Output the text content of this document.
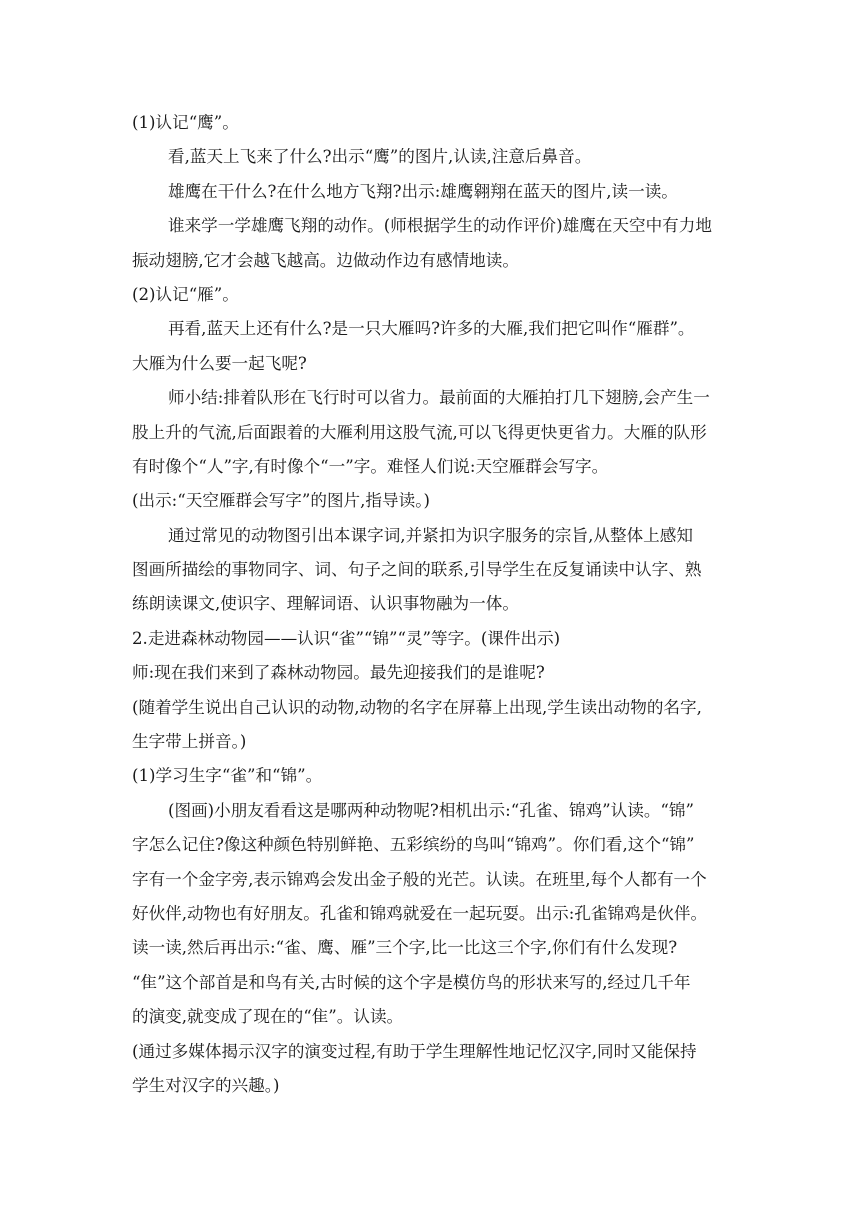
(1)认记“鹰”。

看,蓝天上飞来了什么?出示“鹰”的图片,认读,注意后鼻音。

雄鹰在干什么?在什么地方飞翔?出示:雄鹰翱翔在蓝天的图片,读一读。

谁来学一学雄鹰飞翔的动作。(师根据学生的动作评价)雄鹰在天空中有力地

振动翅膀,它才会越飞越高。边做动作边有感情地读。

(2)认记“雁”。

再看,蓝天上还有什么?是一只大雁吗?许多的大雁,我们把它叫作“雁群”。

大雁为什么要一起飞呢?

师小结:排着队形在飞行时可以省力。最前面的大雁拍打几下翅膀,会产生一

股上升的气流,后面跟着的大雁利用这股气流,可以飞得更快更省力。大雁的队形

有时像个“人”字,有时像个“一”字。难怪人们说:天空雁群会写字。

(出示:“天空雁群会写字”的图片,指导读。)

通过常见的动物图引出本课字词,并紧扣为识字服务的宗旨,从整体上感知

图画所描绘的事物同字、词、句子之间的联系,引导学生在反复诵读中认字、熟

练朗读课文,使识字、理解词语、认识事物融为一体。

2.走进森林动物园——认识“雀”“锦”“灵”等字。(课件出示)

师:现在我们来到了森林动物园。最先迎接我们的是谁呢?

(随着学生说出自己认识的动物,动物的名字在屏幕上出现,学生读出动物的名字,

生字带上拼音。)

(1)学习生字“雀”和“锦”。

(图画)小朋友看看这是哪两种动物呢?相机出示:“孔雀、锦鸡”认读。“锦”

字怎么记住?像这种颜色特别鲜艳、五彩缤纷的鸟叫“锦鸡”。你们看,这个“锦”

字有一个金字旁,表示锦鸡会发出金子般的光芒。认读。在班里,每个人都有一个

好伙伴,动物也有好朋友。孔雀和锦鸡就爱在一起玩耍。出示:孔雀锦鸡是伙伴。

读一读,然后再出示:“雀、鹰、雁”三个字,比一比这三个字,你们有什么发现?

“隹”这个部首是和鸟有关,古时候的这个字是模仿鸟的形状来写的,经过几千年

的演变,就变成了现在的“隹”。认读。

(通过多媒体揭示汉字的演变过程,有助于学生理解性地记忆汉字,同时又能保持

学生对汉字的兴趣。)
